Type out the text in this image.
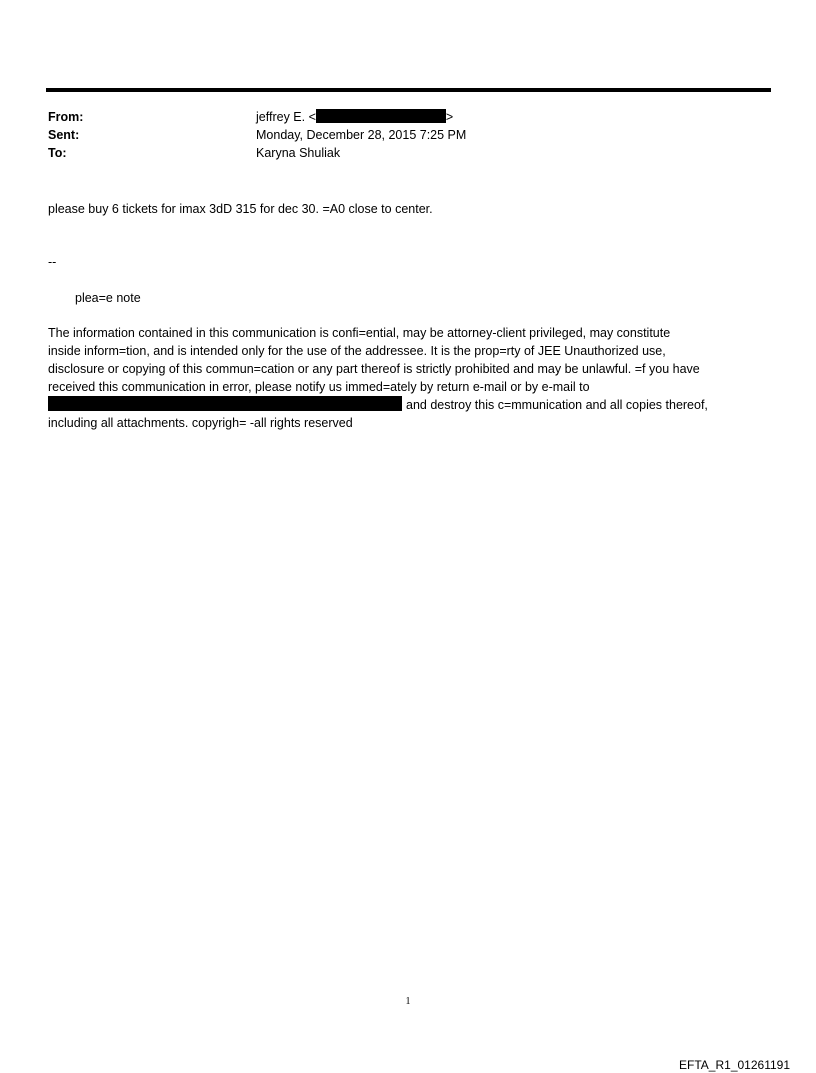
From:	jeffrey E. <	>
Sent:	Monday, December 28, 2015 7:25 PM
To:	Karyna Shuliak
please buy 6 tickets for imax 3dD 315 for dec 30. =A0 close to center.
--
plea=e note
The information contained in this communication is confi=ential, may be attorney-client privileged, may constitute
inside inform=tion, and is intended only for the use of the addressee. It is the prop=rty of JEE Unauthorized use,
disclosure or copying of this commun=cation or any part thereof is strictly prohibited and may be unlawful. =f you have
received this communication in error, please notify us immed=ately by return e-mail or by e-mail to
and destroy this c=mmunication and all copies thereof,
including all attachments. copyrigh= -all rights reserved
1
EFTA_R1_01261191
